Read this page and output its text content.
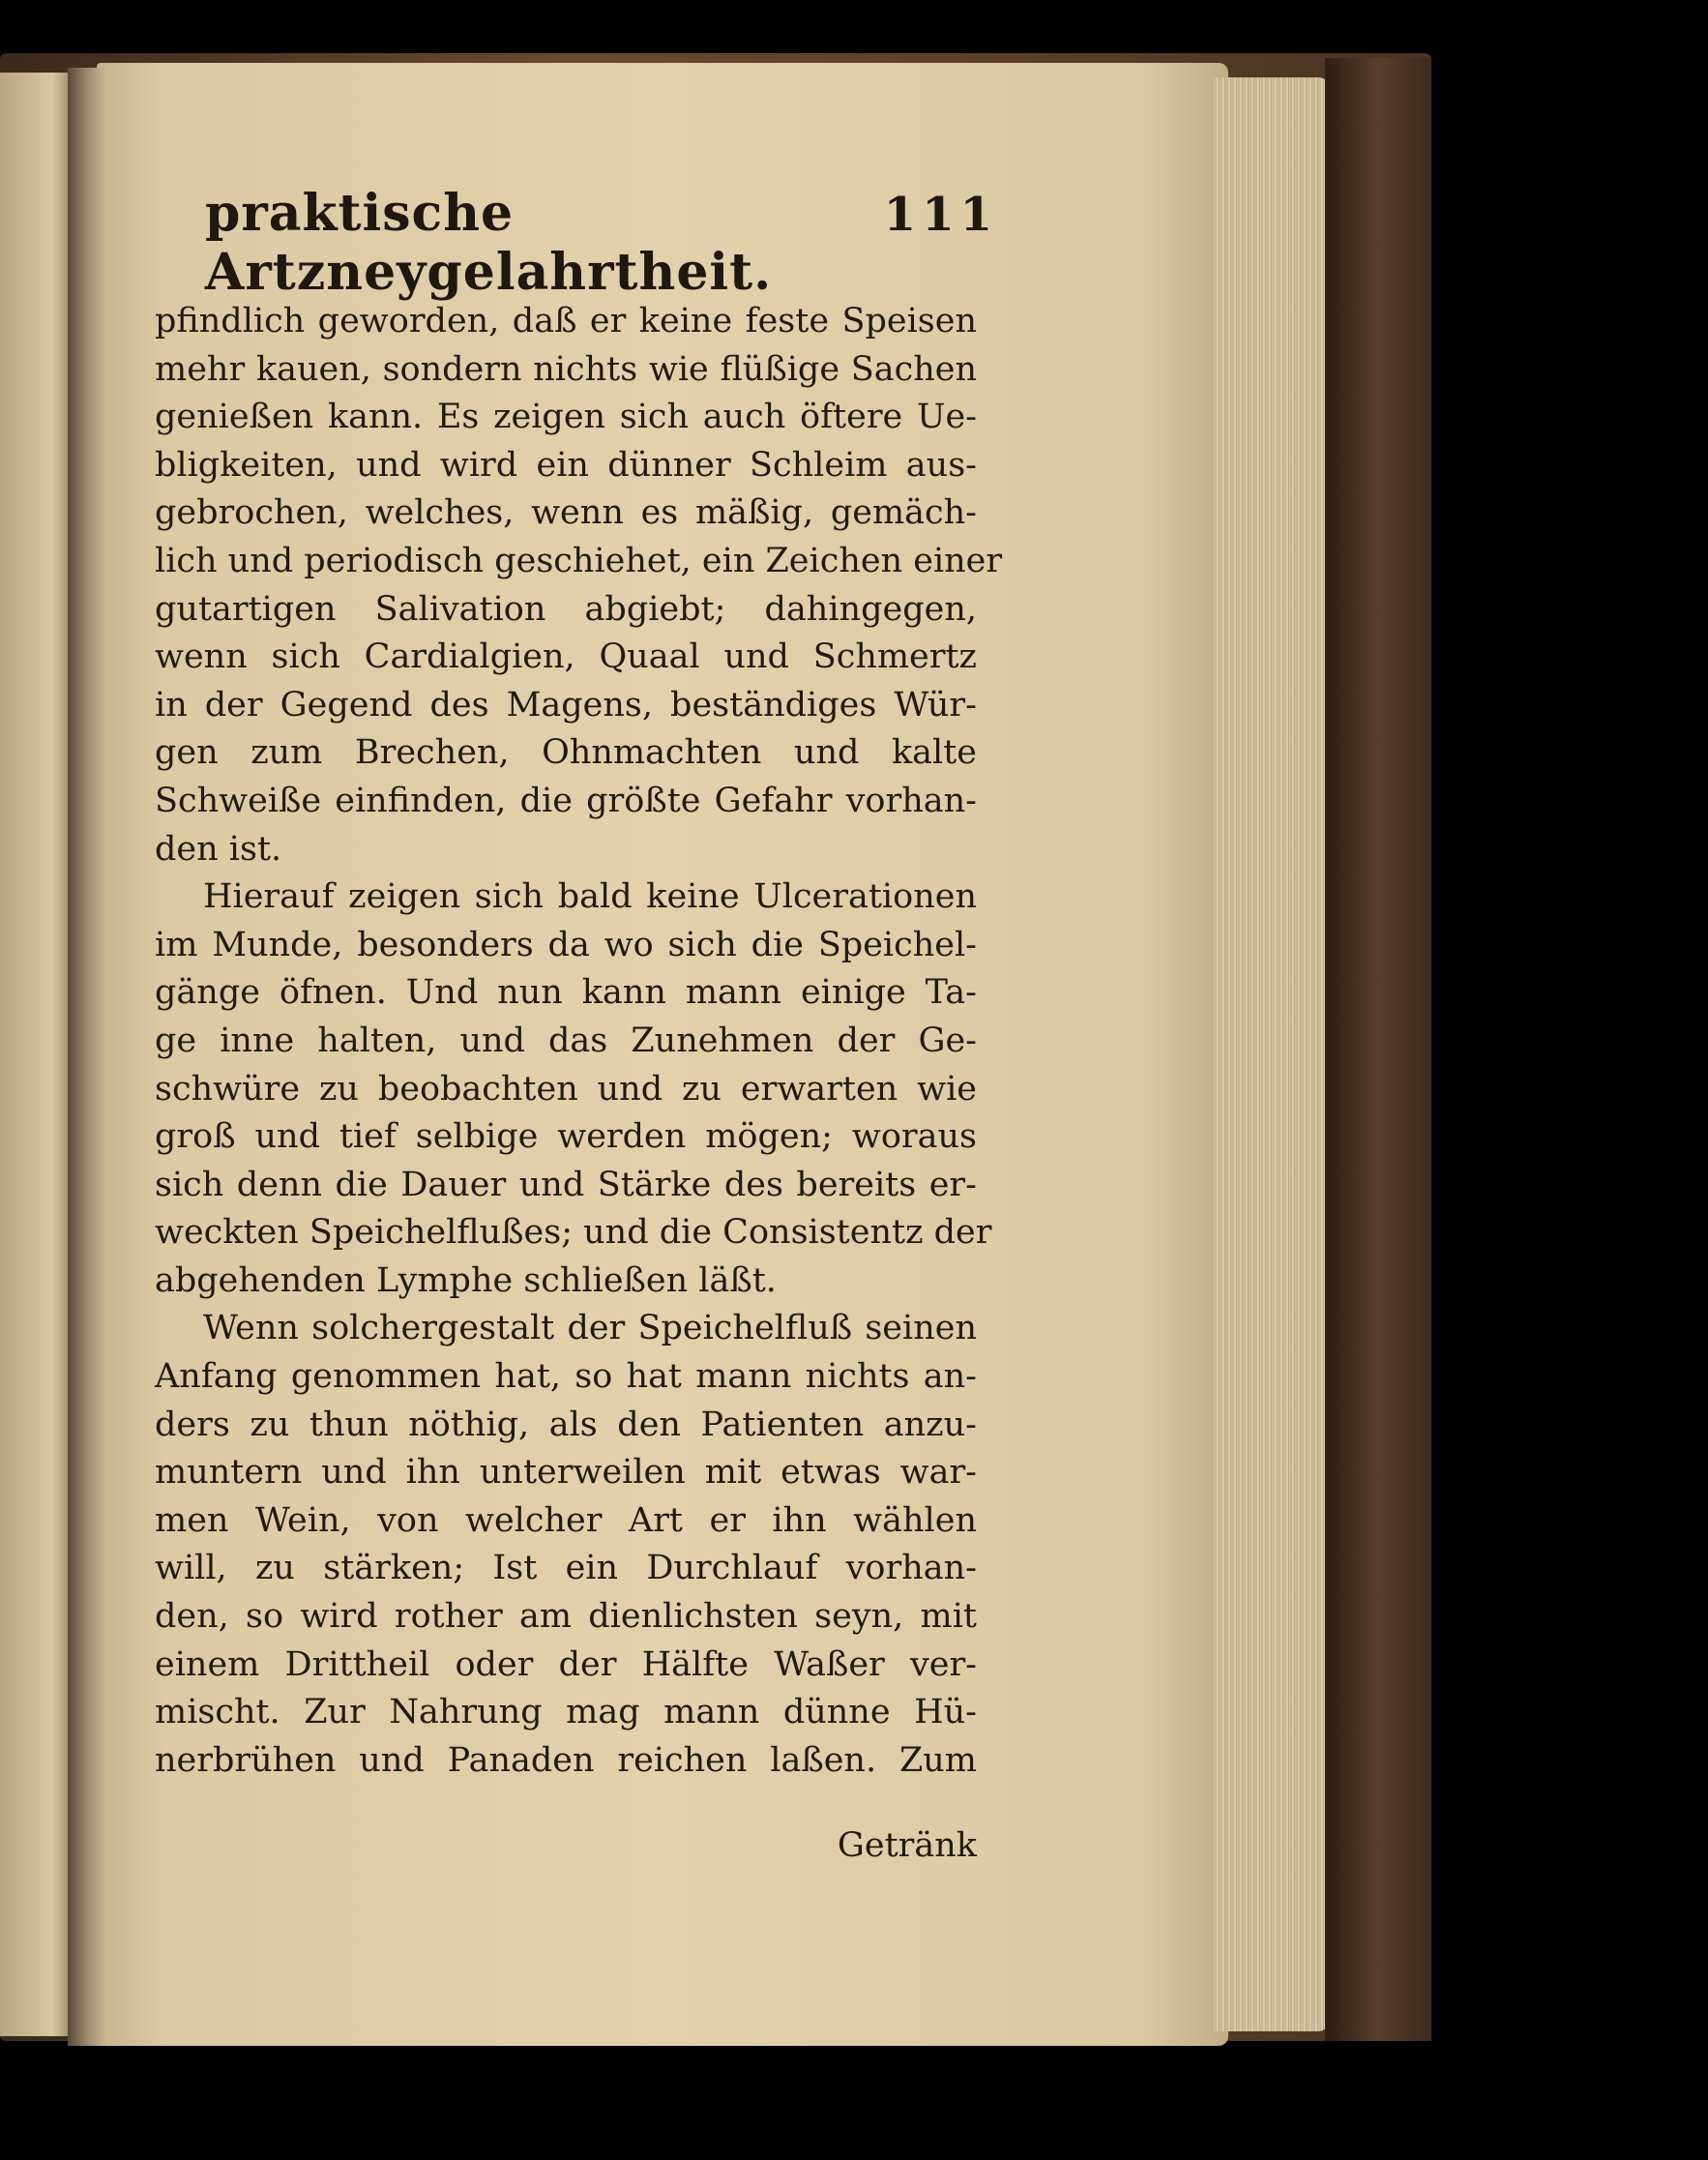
praktische Artzneygelahrtheit.
111
pfindlich geworden, daß er keine feste Speisen
mehr kauen, sondern nichts wie flüßige Sachen
genießen kann. Es zeigen sich auch öftere Ue-
bligkeiten, und wird ein dünner Schleim aus-
gebrochen, welches, wenn es mäßig, gemäch-
lich und periodisch geschiehet, ein Zeichen einer
gutartigen Salivation abgiebt; dahingegen,
wenn sich Cardialgien, Quaal und Schmertz
in der Gegend des Magens, beständiges Wür-
gen zum Brechen, Ohnmachten und kalte
Schweiße einfinden, die größte Gefahr vorhan-
den ist.
Hierauf zeigen sich bald keine Ulcerationen
im Munde, besonders da wo sich die Speichel-
gänge öfnen. Und nun kann mann einige Ta-
ge inne halten, und das Zunehmen der Ge-
schwüre zu beobachten und zu erwarten wie
groß und tief selbige werden mögen; woraus
sich denn die Dauer und Stärke des bereits er-
weckten Speichelflußes; und die Consistentz der
abgehenden Lymphe schließen läßt.
Wenn solchergestalt der Speichelfluß seinen
Anfang genommen hat, so hat mann nichts an-
ders zu thun nöthig, als den Patienten anzu-
muntern und ihn unterweilen mit etwas war-
men Wein, von welcher Art er ihn wählen
will, zu stärken; Ist ein Durchlauf vorhan-
den, so wird rother am dienlichsten seyn, mit
einem Drittheil oder der Hälfte Waßer ver-
mischt. Zur Nahrung mag mann dünne Hü-
nerbrühen und Panaden reichen laßen. Zum
Getränk
